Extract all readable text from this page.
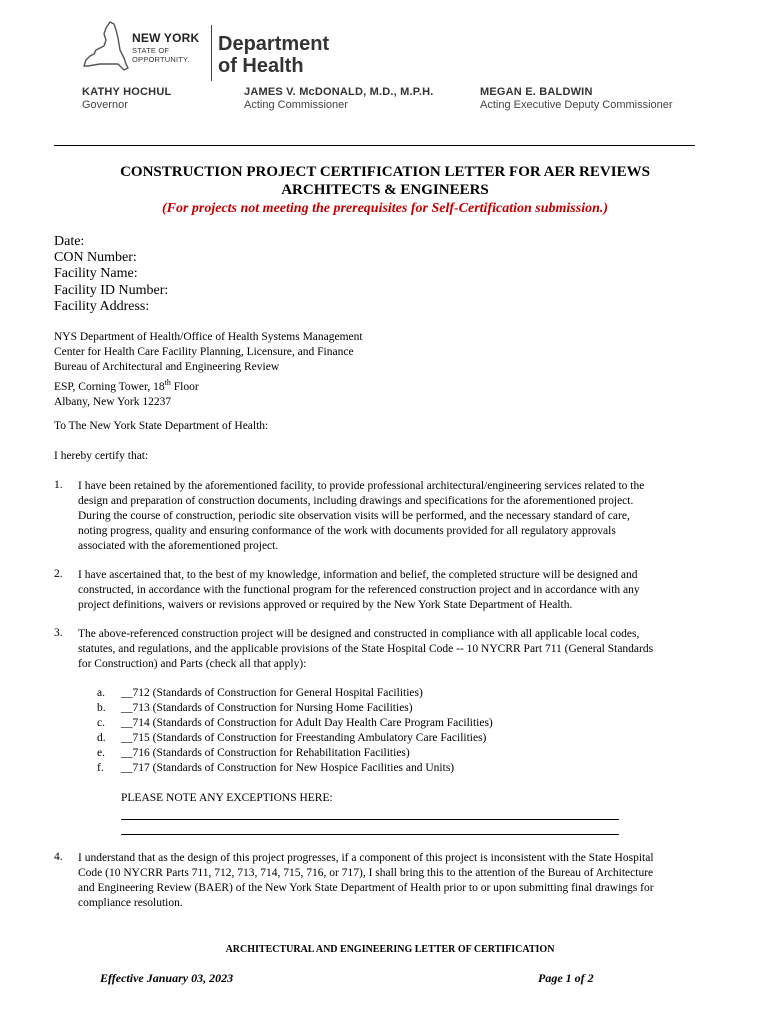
NEW YORK
STATE OF
OPPORTUNITY.
Department
of Health
KATHY HOCHUL
Governor
JAMES V. McDONALD, M.D., M.P.H.
Acting Commissioner
MEGAN E. BALDWIN
Acting Executive Deputy Commissioner
CONSTRUCTION PROJECT CERTIFICATION LETTER FOR AER REVIEWS
ARCHITECTS & ENGINEERS
(For projects not meeting the prerequisites for Self-Certification submission.)
Date:
CON Number:
Facility Name:
Facility ID Number:
Facility Address:
NYS Department of Health/Office of Health Systems Management
Center for Health Care Facility Planning, Licensure, and Finance
Bureau of Architectural and Engineering Review
ESP, Corning Tower, 18th Floor
Albany, New York 12237
To The New York State Department of Health:
I hereby certify that:
1. I have been retained by the aforementioned facility, to provide professional architectural/engineering services related to the
design and preparation of construction documents, including drawings and specifications for the aforementioned project.
During the course of construction, periodic site observation visits will be performed, and the necessary standard of care,
noting progress, quality and ensuring conformance of the work with documents provided for all regulatory approvals
associated with the aforementioned project.
2. I have ascertained that, to the best of my knowledge, information and belief, the completed structure will be designed and
constructed, in accordance with the functional program for the referenced construction project and in accordance with any
project definitions, waivers or revisions approved or required by the New York State Department of Health.
3. The above-referenced construction project will be designed and constructed in compliance with all applicable local codes,
statutes, and regulations, and the applicable provisions of the State Hospital Code -- 10 NYCRR Part 711 (General Standards
for Construction) and Parts (check all that apply):
a. __712 (Standards of Construction for General Hospital Facilities)
b. __713 (Standards of Construction for Nursing Home Facilities)
c. __714 (Standards of Construction for Adult Day Health Care Program Facilities)
d. __715 (Standards of Construction for Freestanding Ambulatory Care Facilities)
e. __716 (Standards of Construction for Rehabilitation Facilities)
f. __717 (Standards of Construction for New Hospice Facilities and Units)
PLEASE NOTE ANY EXCEPTIONS HERE:
4. I understand that as the design of this project progresses, if a component of this project is inconsistent with the State Hospital
Code (10 NYCRR Parts 711, 712, 713, 714, 715, 716, or 717), I shall bring this to the attention of the Bureau of Architecture
and Engineering Review (BAER) of the New York State Department of Health prior to or upon submitting final drawings for
compliance resolution.
ARCHITECTURAL AND ENGINEERING LETTER OF CERTIFICATION
Effective January 03, 2023	Page 1 of 2
